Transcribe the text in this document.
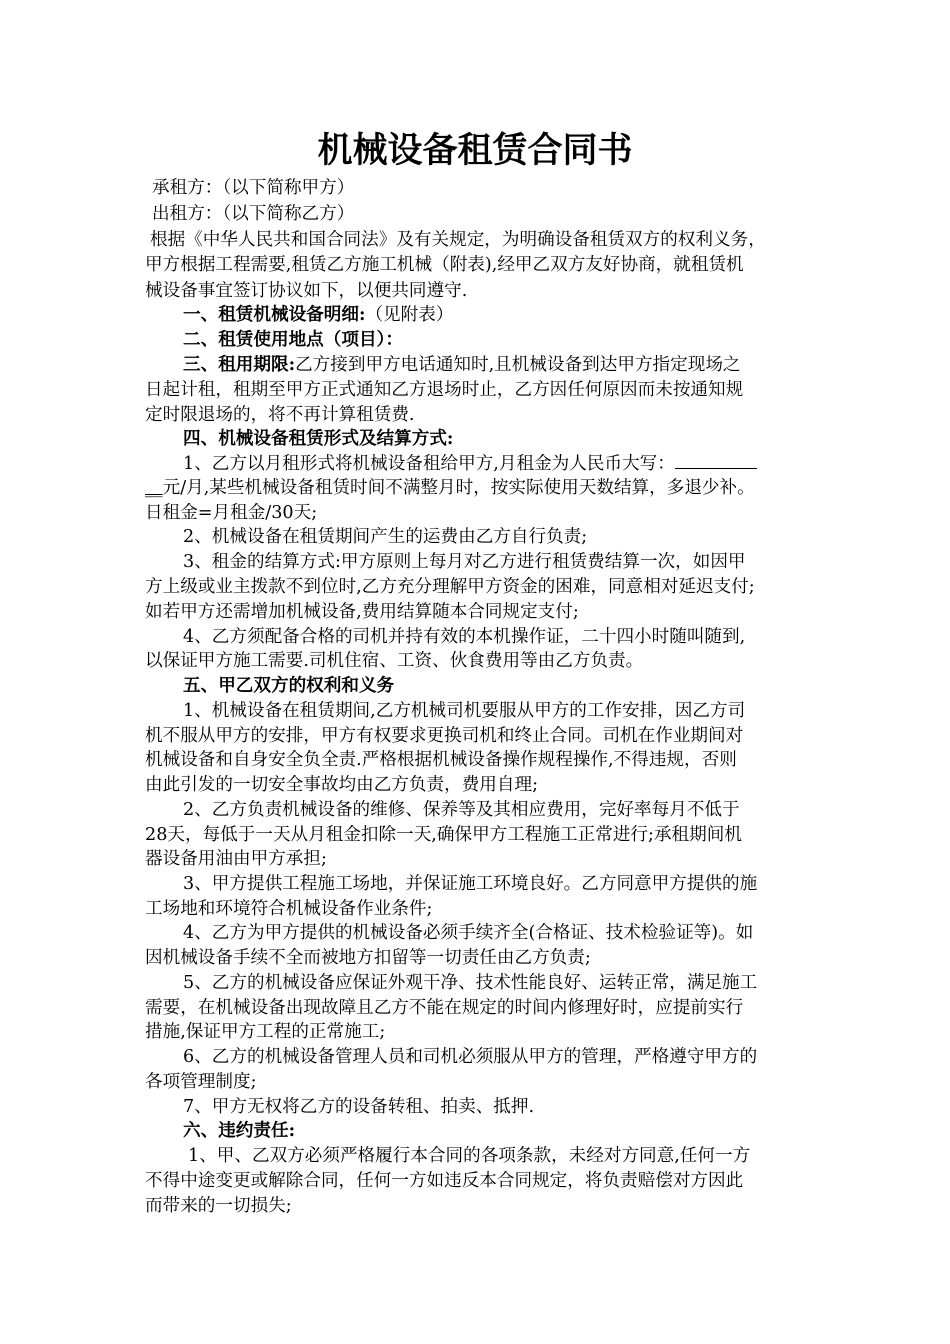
机械设备租赁合同书
承租方：（以下简称甲方）
出租方：（以下简称乙方）
根据《中华人民共和国合同法》及有关规定，为明确设备租赁双方的权利义务，
甲方根据工程需要,租赁乙方施工机械（附表),经甲乙双方友好协商，就租赁机
械设备事宜签订协议如下，以便共同遵守.
一、租赁机械设备明细:（见附表）
二、租赁使用地点（项目）：
三、租用期限:乙方接到甲方电话通知时,且机械设备到达甲方指定现场之
日起计租，租期至甲方正式通知乙方退场时止，乙方因任何原因而未按通知规
定时限退场的，将不再计算租赁费.
四、机械设备租赁形式及结算方式:
1、乙方以月租形式将机械设备租给甲方,月租金为人民币大写：
__元/月,某些机械设备租赁时间不满整月时，按实际使用天数结算，多退少补。
日租金=月租金/30天;
2、机械设备在租赁期间产生的运费由乙方自行负责;
3、租金的结算方式:甲方原则上每月对乙方进行租赁费结算一次，如因甲
方上级或业主拨款不到位时,乙方充分理解甲方资金的困难，同意相对延迟支付;
如若甲方还需增加机械设备,费用结算随本合同规定支付;
4、乙方须配备合格的司机并持有效的本机操作证，二十四小时随叫随到,
以保证甲方施工需要.司机住宿、工资、伙食费用等由乙方负责。
五、甲乙双方的权利和义务
1、机械设备在租赁期间,乙方机械司机要服从甲方的工作安排，因乙方司
机不服从甲方的安排，甲方有权要求更换司机和终止合同。司机在作业期间对
机械设备和自身安全负全责.严格根据机械设备操作规程操作,不得违规，否则
由此引发的一切安全事故均由乙方负责，费用自理;
2、乙方负责机械设备的维修、保养等及其相应费用，完好率每月不低于
28天，每低于一天从月租金扣除一天,确保甲方工程施工正常进行;承租期间机
器设备用油由甲方承担;
3、甲方提供工程施工场地，并保证施工环境良好。乙方同意甲方提供的施
工场地和环境符合机械设备作业条件;
4、乙方为甲方提供的机械设备必须手续齐全(合格证、技术检验证等)。如
因机械设备手续不全而被地方扣留等一切责任由乙方负责;
5、乙方的机械设备应保证外观干净、技术性能良好、运转正常，满足施工
需要，在机械设备出现故障且乙方不能在规定的时间内修理好时，应提前实行
措施,保证甲方工程的正常施工;
6、乙方的机械设备管理人员和司机必须服从甲方的管理，严格遵守甲方的
各项管理制度;
7、甲方无权将乙方的设备转租、拍卖、抵押.
六、违约责任:
1、甲、乙双方必须严格履行本合同的各项条款，未经对方同意,任何一方
不得中途变更或解除合同，任何一方如违反本合同规定，将负责赔偿对方因此
而带来的一切损失;
